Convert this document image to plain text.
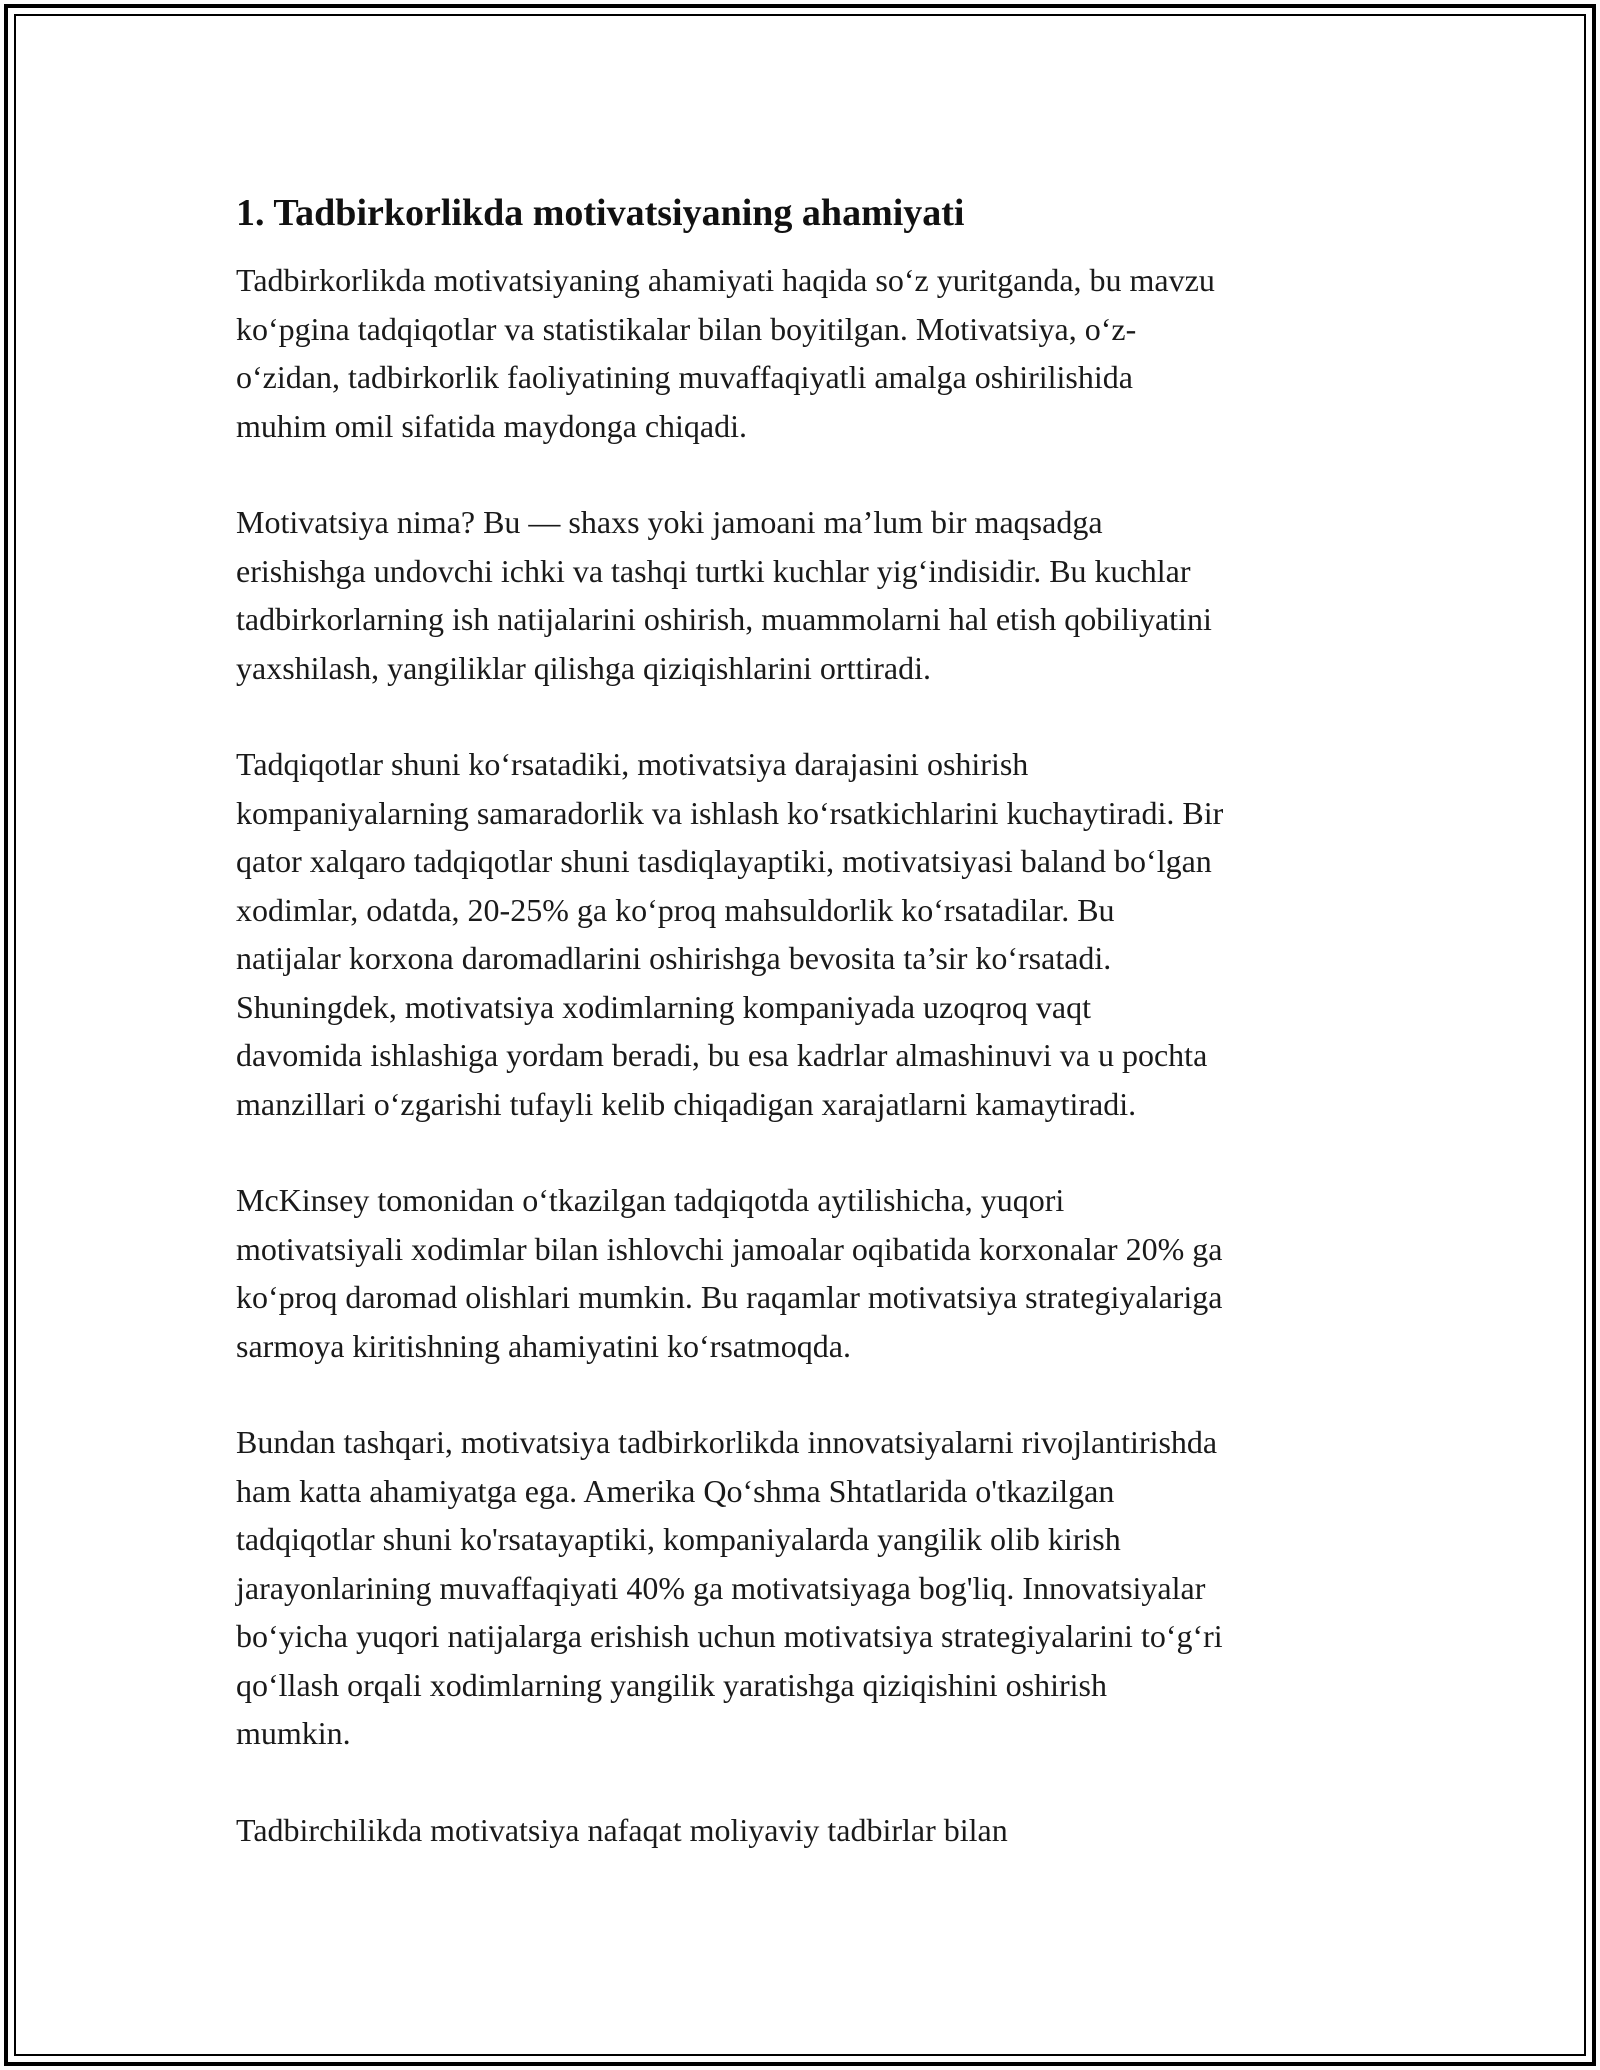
1. Tadbirkorlikda motivatsiyaning ahamiyati
Tadbirkorlikda motivatsiyaning ahamiyati haqida so‘z yuritganda, bu mavzu
ko‘pgina tadqiqotlar va statistikalar bilan boyitilgan. Motivatsiya, o‘z-
o‘zidan, tadbirkorlik faoliyatining muvaffaqiyatli amalga oshirilishida
muhim omil sifatida maydonga chiqadi.
Motivatsiya nima? Bu — shaxs yoki jamoani ma’lum bir maqsadga
erishishga undovchi ichki va tashqi turtki kuchlar yig‘indisidir. Bu kuchlar
tadbirkorlarning ish natijalarini oshirish, muammolarni hal etish qobiliyatini
yaxshilash, yangiliklar qilishga qiziqishlarini orttiradi.
Tadqiqotlar shuni ko‘rsatadiki, motivatsiya darajasini oshirish
kompaniyalarning samaradorlik va ishlash ko‘rsatkichlarini kuchaytiradi. Bir
qator xalqaro tadqiqotlar shuni tasdiqlayaptiki, motivatsiyasi baland bo‘lgan
xodimlar, odatda, 20-25% ga ko‘proq mahsuldorlik ko‘rsatadilar. Bu
natijalar korxona daromadlarini oshirishga bevosita ta’sir ko‘rsatadi.
Shuningdek, motivatsiya xodimlarning kompaniyada uzoqroq vaqt
davomida ishlashiga yordam beradi, bu esa kadrlar almashinuvi va u pochta
manzillari o‘zgarishi tufayli kelib chiqadigan xarajatlarni kamaytiradi.
McKinsey tomonidan o‘tkazilgan tadqiqotda aytilishicha, yuqori
motivatsiyali xodimlar bilan ishlovchi jamoalar oqibatida korxonalar 20% ga
ko‘proq daromad olishlari mumkin. Bu raqamlar motivatsiya strategiyalariga
sarmoya kiritishning ahamiyatini ko‘rsatmoqda.
Bundan tashqari, motivatsiya tadbirkorlikda innovatsiyalarni rivojlantirishda
ham katta ahamiyatga ega. Amerika Qo‘shma Shtatlarida o'tkazilgan
tadqiqotlar shuni ko'rsatayaptiki, kompaniyalarda yangilik olib kirish
jarayonlarining muvaffaqiyati 40% ga motivatsiyaga bog'liq. Innovatsiyalar
bo‘yicha yuqori natijalarga erishish uchun motivatsiya strategiyalarini to‘g‘ri
qo‘llash orqali xodimlarning yangilik yaratishga qiziqishini oshirish
mumkin.
Tadbirchilikda motivatsiya nafaqat moliyaviy tadbirlar bilan
